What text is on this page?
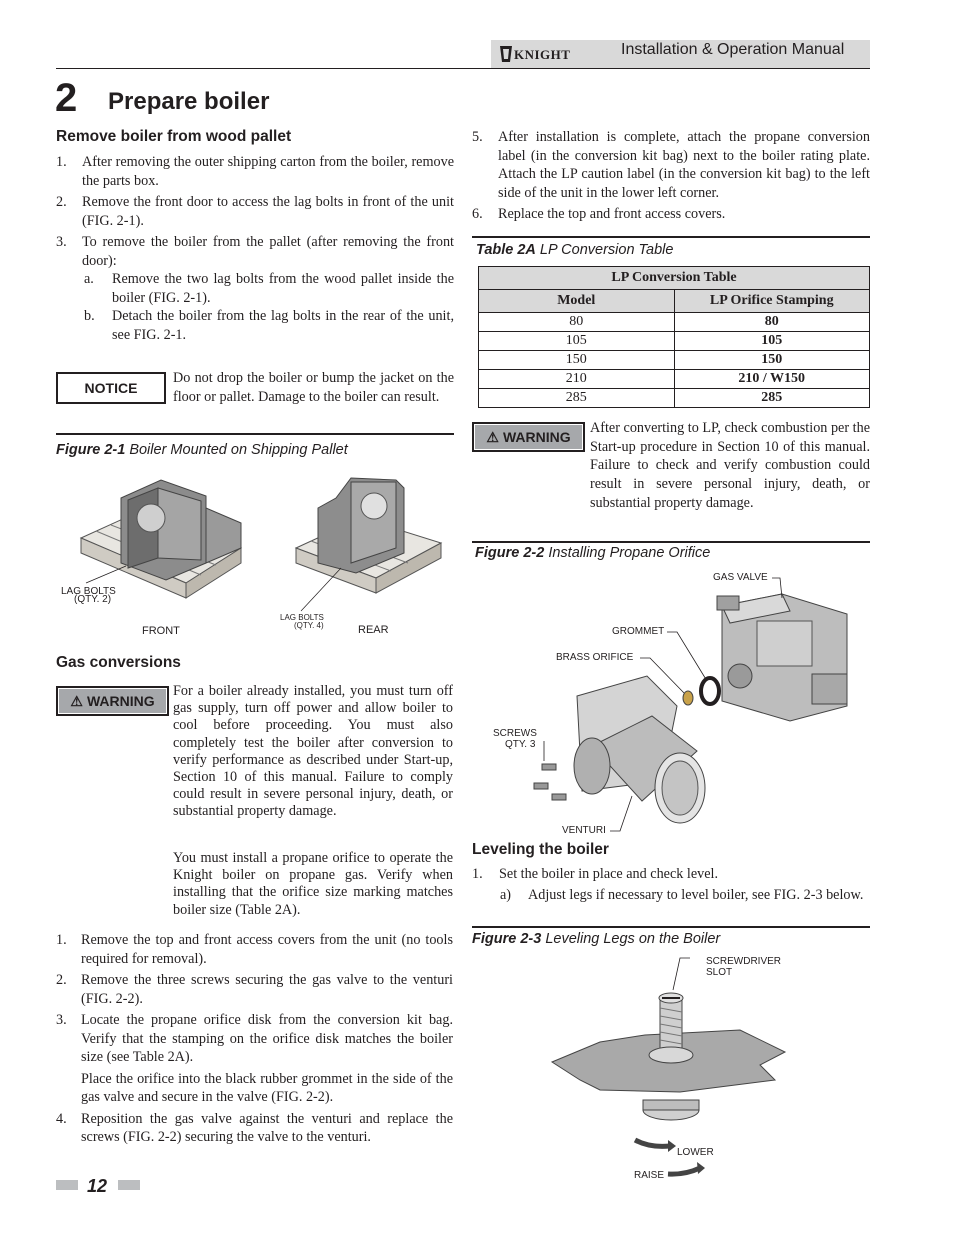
KNIGHT	Installation & Operation Manual
2 Prepare boiler
Remove boiler from wood pallet
1.	After removing the outer shipping carton from the boiler, remove the parts box.
2.	Remove the front door to access the lag bolts in front of the unit (FIG. 2-1).
3.	To remove the boiler from the pallet (after removing the front door):
a.	Remove the two lag bolts from the wood pallet inside the boiler (FIG. 2-1).
b.	Detach the boiler from the lag bolts in the rear of the unit, see FIG. 2-1.
NOTICE
Do not drop the boiler or bump the jacket on the floor or pallet. Damage to the boiler can result.
Figure 2-1 Boiler Mounted on Shipping Pallet
LAG BOLTS
(QTY. 2)
FRONT
LAG BOLTS
(QTY. 4)	REAR
Gas conversions
⚠ WARNING
For a boiler already installed, you must turn off gas supply, turn off power and allow boiler to cool before proceeding. You must also completely test the boiler after conversion to verify performance as described under Start-up, Section 10 of this manual. Failure to comply could result in severe personal injury, death, or substantial property damage.
You must install a propane orifice to operate the Knight boiler on propane gas. Verify when installing that the orifice size marking matches boiler size (Table 2A).
1.	Remove the top and front access covers from the unit (no tools required for removal).
2.	Remove the three screws securing the gas valve to the venturi (FIG. 2-2).
3.	Locate the propane orifice disk from the conversion kit bag. Verify that the stamping on the orifice disk matches the boiler size (see Table 2A).
Place the orifice into the black rubber grommet in the side of the gas valve and secure in the valve (FIG. 2-2).
4.	Reposition the gas valve against the venturi and replace the screws (FIG. 2-2) securing the valve to the venturi.
5.	After installation is complete, attach the propane conversion label (in the conversion kit bag) next to the boiler rating plate. Attach the LP caution label (in the conversion kit bag) to the left side of the unit in the lower left corner.
6.	Replace the top and front access covers.
Table 2A LP Conversion Table
LP Conversion Table	
Model	LP Orifice Stamping
80	80
105	105
150	150
210	210 / W150
285	285
⚠ WARNING
After converting to LP, check combustion per the Start-up procedure in Section 10 of this manual. Failure to check and verify combustion could result in severe personal injury, death, or substantial property damage.
Figure 2-2 Installing Propane Orifice
GAS VALVE
GROMMET
BRASS ORIFICE
SCREWS
QTY. 3
VENTURI
Leveling the boiler
1.	Set the boiler in place and check level.
a)	Adjust legs if necessary to level boiler, see FIG. 2-3 below.
Figure 2-3 Leveling Legs on the Boiler
SCREWDRIVER
SLOT
LOWER
RAISE
12
